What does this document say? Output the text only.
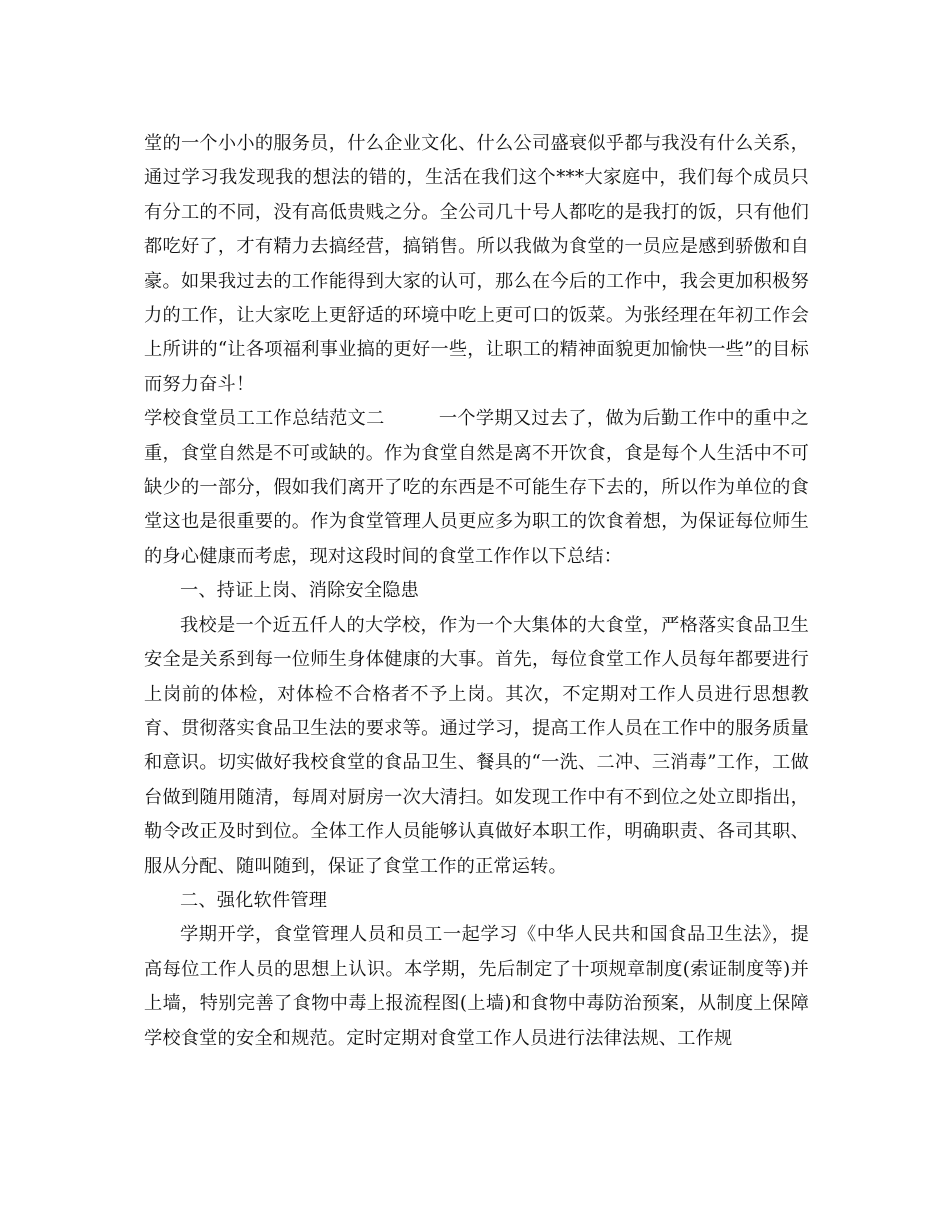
堂的一个小小的服务员，什么企业文化、什么公司盛衰似乎都与我没有什么关系，通过学习我发现我的想法的错的，生活在我们这个***大家庭中，我们每个成员只有分工的不同，没有高低贵贱之分。全公司几十号人都吃的是我打的饭，只有他们都吃好了，才有精力去搞经营，搞销售。所以我做为食堂的一员应是感到骄傲和自豪。如果我过去的工作能得到大家的认可，那么在今后的工作中，我会更加积极努力的工作，让大家吃上更舒适的环境中吃上更可口的饭菜。为张经理在年初工作会上所讲的“让各项福利事业搞的更好一些，让职工的精神面貌更加愉快一些”的目标而努力奋斗！

学校食堂员工工作总结范文二	一个学期又过去了，做为后勤工作中的重中之重，食堂自然是不可或缺的。作为食堂自然是离不开饮食，食是每个人生活中不可缺少的一部分，假如我们离开了吃的东西是不可能生存下去的，所以作为单位的食堂这也是很重要的。作为食堂管理人员更应多为职工的饮食着想，为保证每位师生的身心健康而考虑，现对这段时间的食堂工作作以下总结：

一、持证上岗、消除安全隐患

我校是一个近五仟人的大学校，作为一个大集体的大食堂，严格落实食品卫生安全是关系到每一位师生身体健康的大事。首先，每位食堂工作人员每年都要进行上岗前的体检，对体检不合格者不予上岗。其次，不定期对工作人员进行思想教育、贯彻落实食品卫生法的要求等。通过学习，提高工作人员在工作中的服务质量和意识。切实做好我校食堂的食品卫生、餐具的“一洗、二冲、三消毒”工作，工做台做到随用随清，每周对厨房一次大清扫。如发现工作中有不到位之处立即指出，勒令改正及时到位。全体工作人员能够认真做好本职工作，明确职责、各司其职、服从分配、随叫随到，保证了食堂工作的正常运转。

二、强化软件管理

学期开学，食堂管理人员和员工一起学习《中华人民共和国食品卫生法》，提高每位工作人员的思想上认识。本学期，先后制定了十项规章制度(索证制度等)并上墙，特别完善了食物中毒上报流程图(上墙)和食物中毒防治预案，从制度上保障学校食堂的安全和规范。定时定期对食堂工作人员进行法律法规、工作规
